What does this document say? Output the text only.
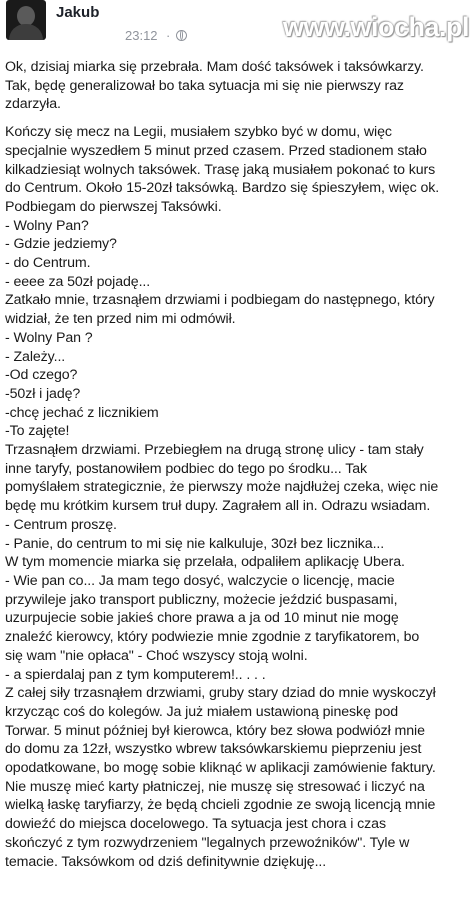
Jakub
23:12 ·	www.wiocha.pl

Ok, dzisiaj miarka się przebrała. Mam dość taksówek i taksówkarzy.

Tak, będę generalizował bo taka sytuacja mi się nie pierwszy raz

zdarzyła.

Kończy się mecz na Legii, musiałem szybko być w domu, więc

specjalnie wyszedłem 5 minut przed czasem. Przed stadionem stało

kilkadziesiąt wolnych taksówek. Trasę jaką musiałem pokonać to kurs

do Centrum. Około 15-20zł taksówką. Bardzo się śpieszyłem, więc ok.

Podbiegam do pierwszej Taksówki.

- Wolny Pan?

- Gdzie jedziemy?

- do Centrum.

- eeee za 50zł pojadę...

Zatkało mnie, trzasnąłem drzwiami i podbiegam do następnego, który

widział, że ten przed nim mi odmówił.

- Wolny Pan ?

- Zależy...

-Od czego?

-50zł i jadę?

-chcę jechać z licznikiem

-To zajęte!

Trzasnąłem drzwiami. Przebiegłem na drugą stronę ulicy - tam stały

inne taryfy, postanowiłem podbiec do tego po środku... Tak

pomyślałem strategicznie, że pierwszy może najdłużej czeka, więc nie

będę mu krótkim kursem truł dupy. Zagrałem all in. Odrazu wsiadam.

- Centrum proszę.

- Panie, do centrum to mi się nie kalkuluje, 30zł bez licznika...

W tym momencie miarka się przelała, odpaliłem aplikację Ubera.

- Wie pan co... Ja mam tego dosyć, walczycie o licencję, macie

przywileje jako transport publiczny, możecie jeździć buspasami,

uzurpujecie sobie jakieś chore prawa a ja od 10 minut nie mogę

znaleźć kierowcy, który podwiezie mnie zgodnie z taryfikatorem, bo

się wam "nie opłaca" - Choć wszyscy stoją wolni.

- a spierdalaj pan z tym komputerem!.. . . .

Z całej siły trzasnąłem drzwiami, gruby stary dziad do mnie wyskoczył

krzycząc coś do kolegów. Ja już miałem ustawioną pineskę pod

Torwar. 5 minut później był kierowca, który bez słowa podwiózł mnie

do domu za 12zł, wszystko wbrew taksówkarskiemu pieprzeniu jest

opodatkowane, bo mogę sobie kliknąć w aplikacji zamówienie faktury.

Nie muszę mieć karty płatniczej, nie muszę się stresować i liczyć na

wielką łaskę taryfiarzy, że będą chcieli zgodnie ze swoją licencją mnie

dowieźć do miejsca docelowego. Ta sytuacja jest chora i czas

skończyć z tym rozwydrzeniem "legalnych przewoźników". Tyle w

temacie. Taksówkom od dziś definitywnie dziękuję...
